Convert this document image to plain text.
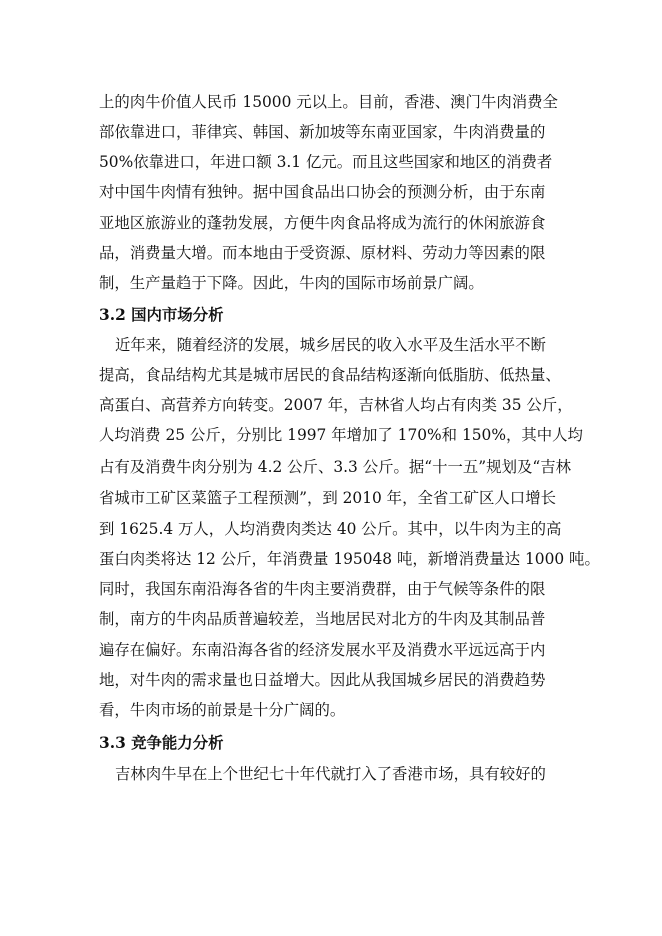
上的肉牛价值人民币 15000 元以上。目前，香港、澳门牛肉消费全
部依靠进口，菲律宾、韩国、新加坡等东南亚国家，牛肉消费量的
50%依靠进口，年进口额 3.1 亿元。而且这些国家和地区的消费者
对中国牛肉情有独钟。据中国食品出口协会的预测分析，由于东南
亚地区旅游业的蓬勃发展，方便牛肉食品将成为流行的休闲旅游食
品，消费量大增。而本地由于受资源、原材料、劳动力等因素的限
制，生产量趋于下降。因此，牛肉的国际市场前景广阔。
3.2 国内市场分析
近年来，随着经济的发展，城乡居民的收入水平及生活水平不断
提高，食品结构尤其是城市居民的食品结构逐渐向低脂肪、低热量、
高蛋白、高营养方向转变。2007 年，吉林省人均占有肉类 35 公斤，
人均消费 25 公斤，分别比 1997 年增加了 170%和 150%，其中人均
占有及消费牛肉分别为 4.2 公斤、3.3 公斤。据“十一五”规划及“吉林
省城市工矿区菜篮子工程预测”，到 2010 年，全省工矿区人口增长
到 1625.4 万人，人均消费肉类达 40 公斤。其中，以牛肉为主的高
蛋白肉类将达 12 公斤，年消费量 195048 吨，新增消费量达 1000 吨。
同时，我国东南沿海各省的牛肉主要消费群，由于气候等条件的限
制，南方的牛肉品质普遍较差，当地居民对北方的牛肉及其制品普
遍存在偏好。东南沿海各省的经济发展水平及消费水平远远高于内
地，对牛肉的需求量也日益增大。因此从我国城乡居民的消费趋势
看，牛肉市场的前景是十分广阔的。
3.3 竞争能力分析
吉林肉牛早在上个世纪七十年代就打入了香港市场，具有较好的
